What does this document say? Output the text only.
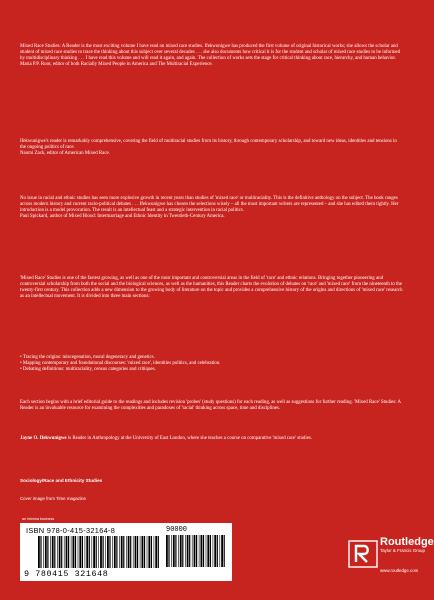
Mixed Race Studies: A Reader is the most exciting volume I have read on mixed race studies. Ifekwunigwe has produced the first volume of original historical works; she allows the scholar and student of mixed race studies to trace the thinking about this subject over several decades . . . she also documents how critical it is for the student and scholar of mixed race studies to be informed by multidisciplinary thinking . . . I have read this volume and will read it again, and again. The collection of works sets the stage for critical thinking about race, hierarchy, and human behavior.

Maria P.P. Root, editor of both Racially Mixed People in America and The Multiracial Experience.

Ifekwunigwe's reader is remarkably comprehensive, covering the field of multiracial studies from its history, through contemporary scholarship, and toward new ideas, identities and tensions in the ongoing politics of race.

Naomi Zack, editor of American Mixed Race.

No issue in racial and ethnic studies has seen more explosive growth in recent years than studies of 'mixed race' or multiraciality. This is the definitive anthology on the subject. The book ranges across modern history and current racio-political debates . . . Ifekwunigwe has chosen the selections wisely – all the most important writers are represented – and she has edited them tightly. Her introduction is a model provocation. The result is an intellectual feast and a strategic intervention in racial politics.

Paul Spickard, author of Mixed Blood: Intermarriage and Ethnic Identity in Twentieth-Century America.

'Mixed Race' Studies is one of the fastest growing, as well as one of the most important and controversial areas in the field of 'race' and ethnic relations. Bringing together pioneering and controversial scholarship from both the social and the biological sciences, as well as the humanities, this Reader charts the evolution of debates on 'race' and 'mixed race' from the nineteenth to the twenty-first century. This collection adds a new dimension to the growing body of literature on the topic and provides a comprehensive history of the origins and directions of 'mixed race' research as an intellectual movement. It is divided into three main sections:

• Tracing the origins: miscegenation, moral degeneracy and genetics.
• Mapping contemporary and foundational discourses: 'mixed race', identities politics, and celebration.
• Debating definitions: multiraciality, census categories and critiques.

Each section begins with a brief editorial guide to the readings and includes revision 'probes' (study questions) for each reading, as well as suggestions for further reading. 'Mixed Race' Studies: A Reader is an invaluable resource for examining the complexities and paradoxes of 'racial' thinking across space, time and disciplines.

Jayne O. Ifekwunigwe is Reader in Anthropology at the University of East London, where she teaches a course on comparative 'mixed race' studies.

Sociology/Race and Ethnicity Studies
Cover image from Time magazine
an informa business
ISBN 978-0-415-32164-8
9 780415 321648
90000
Routledge
Taylor & Francis Group
www.routledge.com
